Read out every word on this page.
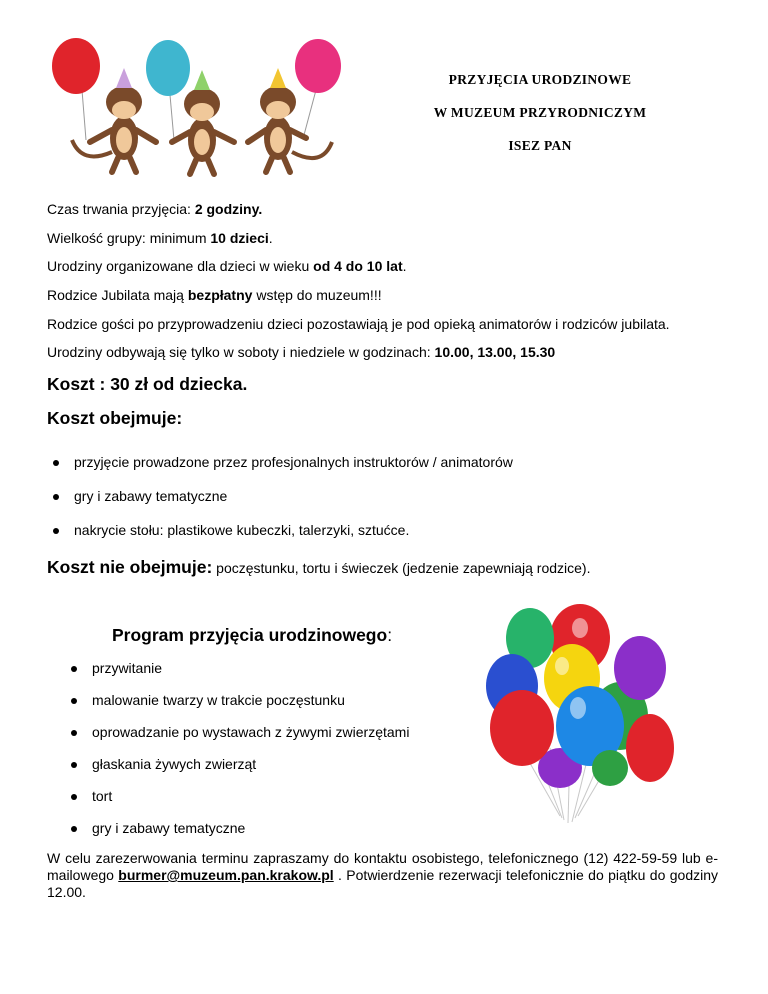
PRZYJĘCIA URODZINOWE
W MUZEUM PRZYRODNICZYM
ISEZ PAN
Czas trwania przyjęcia: 2 godziny.
Wielkość grupy: minimum 10 dzieci.
Urodziny organizowane dla dzieci w wieku od 4 do 10 lat.
Rodzice Jubilata mają bezpłatny wstęp do muzeum!!!
Rodzice gości po przyprowadzeniu dzieci pozostawiają je pod opieką animatorów i rodziców jubilata.
Urodziny odbywają się tylko w soboty i niedziele w godzinach: 10.00, 13.00, 15.30
Koszt : 30 zł od dziecka.
Koszt obejmuje:
przyjęcie prowadzone przez profesjonalnych instruktorów / animatorów
gry i zabawy tematyczne
nakrycie stołu: plastikowe kubeczki, talerzyki, sztućce.
Koszt nie obejmuje: poczęstunku, tortu i świeczek (jedzenie zapewniają rodzice).
Program przyjęcia urodzinowego:
przywitanie
malowanie twarzy w trakcie poczęstunku
oprowadzanie po wystawach z żywymi zwierzętami
głaskania żywych zwierząt
tort
gry i zabawy tematyczne
W celu zarezerwowania terminu zapraszamy do kontaktu osobistego, telefonicznego (12) 422-59-59 lub e-mailowego burmer@muzeum.pan.krakow.pl . Potwierdzenie rezerwacji telefonicznie do piątku do godziny 12.00.
